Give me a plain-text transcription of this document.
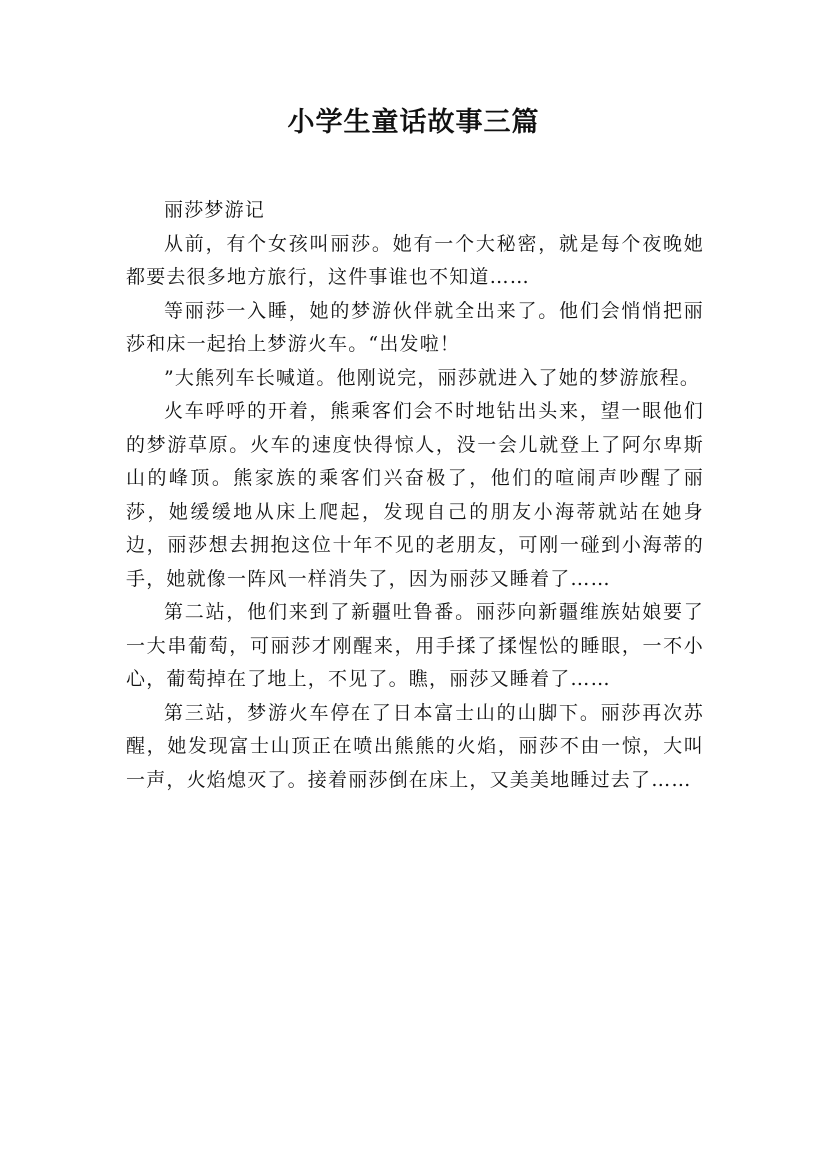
小学生童话故事三篇

丽莎梦游记

从前，有个女孩叫丽莎。她有一个大秘密，就是每个夜晚她都要去很多地方旅行，这件事谁也不知道……

等丽莎一入睡，她的梦游伙伴就全出来了。他们会悄悄把丽莎和床一起抬上梦游火车。“出发啦！

”大熊列车长喊道。他刚说完，丽莎就进入了她的梦游旅程。

火车呼呼的开着，熊乘客们会不时地钻出头来，望一眼他们的梦游草原。火车的速度快得惊人，没一会儿就登上了阿尔卑斯山的峰顶。熊家族的乘客们兴奋极了，他们的喧闹声吵醒了丽莎，她缓缓地从床上爬起，发现自己的朋友小海蒂就站在她身边，丽莎想去拥抱这位十年不见的老朋友，可刚一碰到小海蒂的手，她就像一阵风一样消失了，因为丽莎又睡着了……

第二站，他们来到了新疆吐鲁番。丽莎向新疆维族姑娘要了一大串葡萄，可丽莎才刚醒来，用手揉了揉惺忪的睡眼，一不小心，葡萄掉在了地上，不见了。瞧，丽莎又睡着了……

第三站，梦游火车停在了日本富士山的山脚下。丽莎再次苏醒，她发现富士山顶正在喷出熊熊的火焰，丽莎不由一惊，大叫一声，火焰熄灭了。接着丽莎倒在床上，又美美地睡过去了……
